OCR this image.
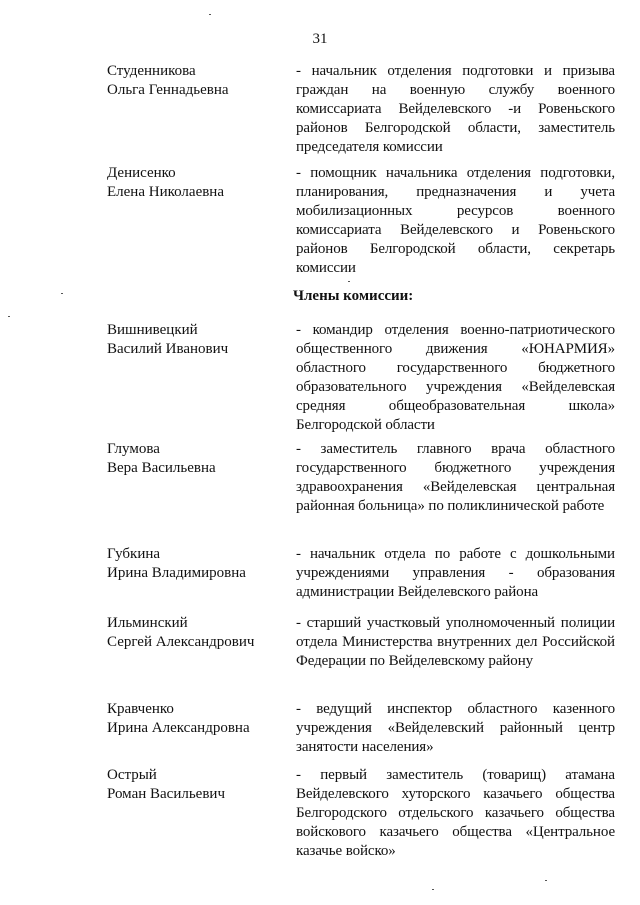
31
Студенникова
Ольга Геннадьевна
- начальник отделения подготовки и призыва граждан на военную службу военного комиссариата Вейделевского -и Ровеньского районов Белгородской области, заместитель председателя комиссии
Денисенко
Елена Николаевна
- помощник начальника отделения подготовки, планирования, предназначения и учета мобилизационных ресурсов военного комиссариата Вейделевского и Ровеньского районов Белгородской области, секретарь комиссии
Члены комиссии:
Вишнивецкий
Василий Иванович
- командир отделения военно-патриотического общественного движения «ЮНАРМИЯ» областного государственного бюджетного образовательного учреждения «Вейделевская средняя общеобразовательная школа» Белгородской области
Глумова
Вера Васильевна
- заместитель главного врача областного государственного бюджетного учреждения здравоохранения «Вейделевская центральная районная больница» по поликлинической работе
Губкина
Ирина Владимировна
- начальник отдела по работе с дошкольными учреждениями управления - образования администрации Вейделевского района
Ильминский
Сергей Александрович
- старший участковый уполномоченный полиции отдела Министерства внутренних дел Российской Федерации по Вейделевскому району
Кравченко
Ирина Александровна
- ведущий инспектор областного казенного учреждения «Вейделевский районный центр занятости населения»
Острый
Роман Васильевич
- первый заместитель (товарищ) атамана Вейделевского хуторского казачьего общества Белгородского отдельского казачьего общества войскового казачьего общества «Центральное казачье войско»
